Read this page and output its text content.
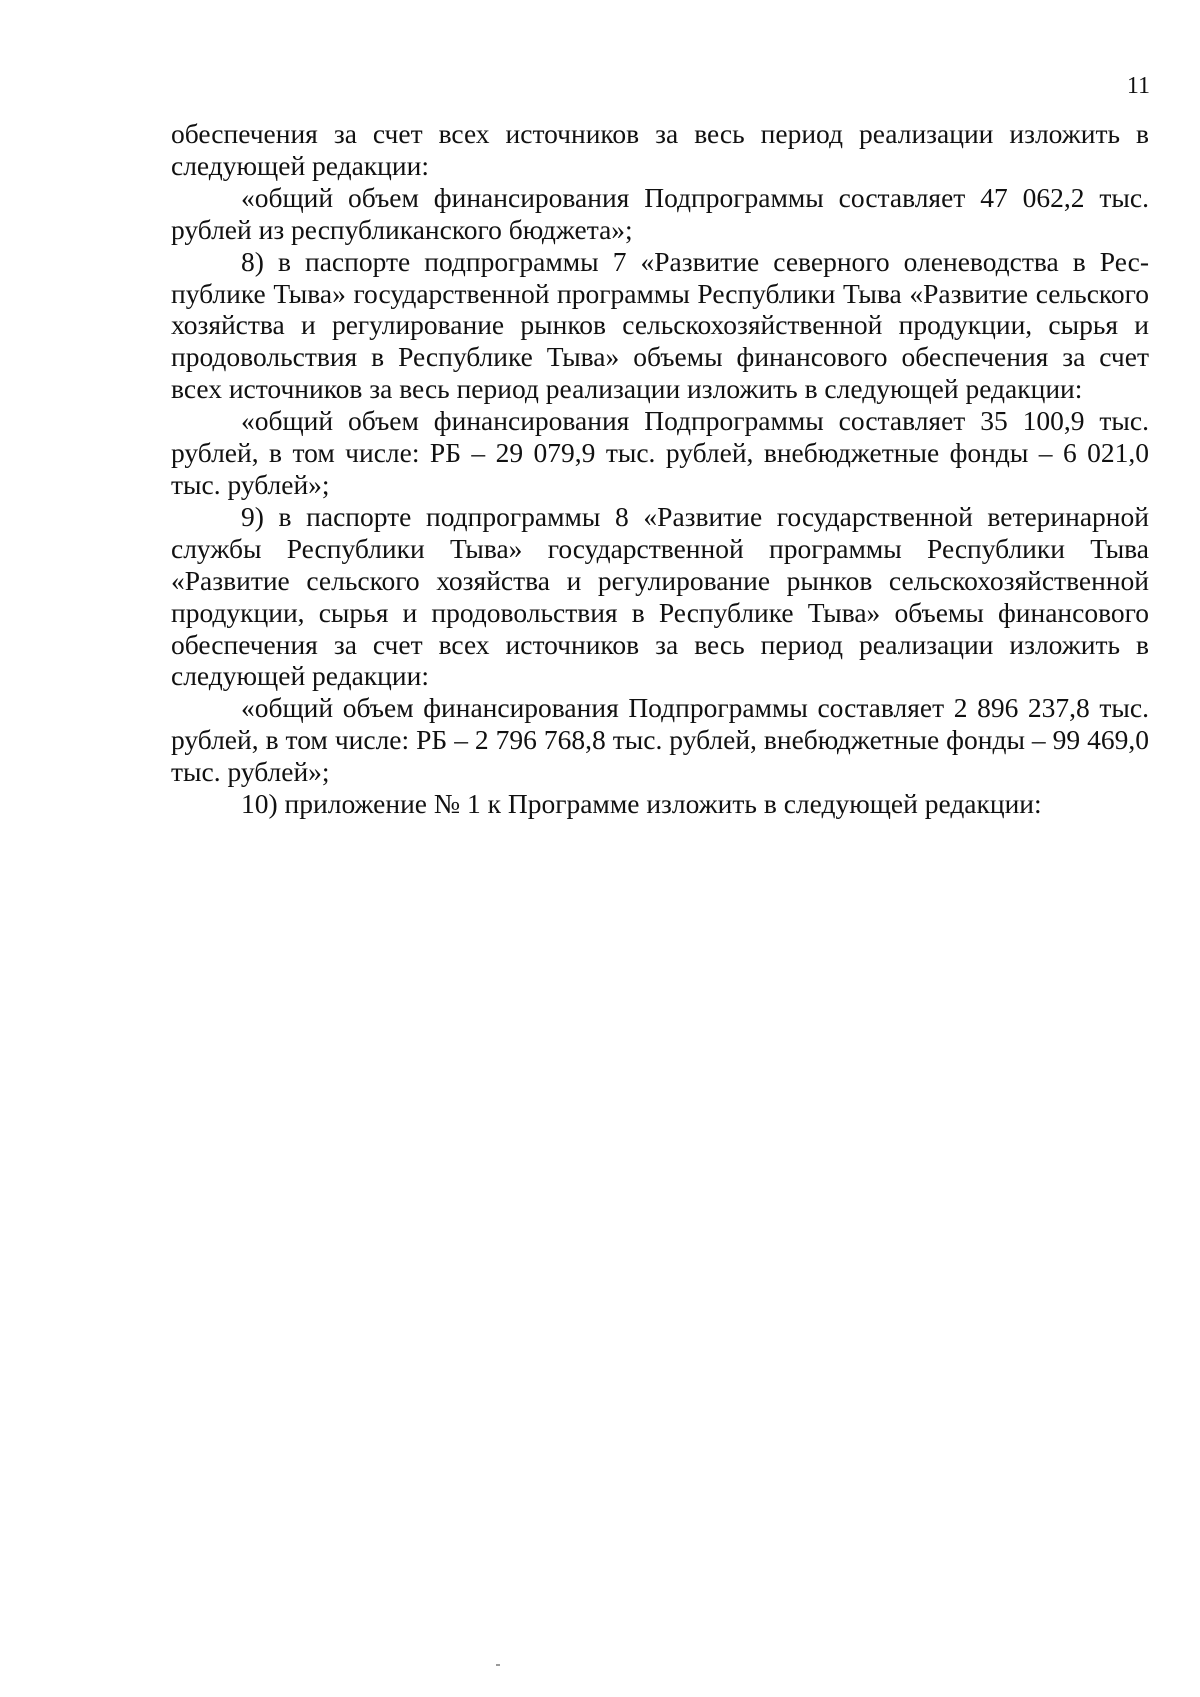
11

обеспечения за счет всех источников за весь период реализации изложить в следующей редакции:

«общий объем финансирования Подпрограммы составляет 47 062,2 тыс. рублей из республиканского бюджета»;

8) в паспорте подпрограммы 7 «Развитие северного оленеводства в Республике Тыва» государственной программы Республики Тыва «Развитие сельского хозяйства и регулирование рынков сельскохозяйственной продукции, сырья и продовольствия в Республике Тыва» объемы финансового обеспечения за счет всех источников за весь период реализации изложить в следующей редакции:

«общий объем финансирования Подпрограммы составляет 35 100,9 тыс. рублей, в том числе: РБ – 29 079,9 тыс. рублей, внебюджетные фонды – 6 021,0 тыс. рублей»;

9) в паспорте подпрограммы 8 «Развитие государственной ветеринарной службы Республики Тыва» государственной программы Республики Тыва «Развитие сельского хозяйства и регулирование рынков сельскохозяйственной продукции, сырья и продовольствия в Республике Тыва» объемы финансового обеспечения за счет всех источников за весь период реализации изложить в следующей редакции:

«общий объем финансирования Подпрограммы составляет 2 896 237,8 тыс. рублей, в том числе: РБ – 2 796 768,8 тыс. рублей, внебюджетные фонды – 99 469,0 тыс. рублей»;

10) приложение № 1 к Программе изложить в следующей редакции:
